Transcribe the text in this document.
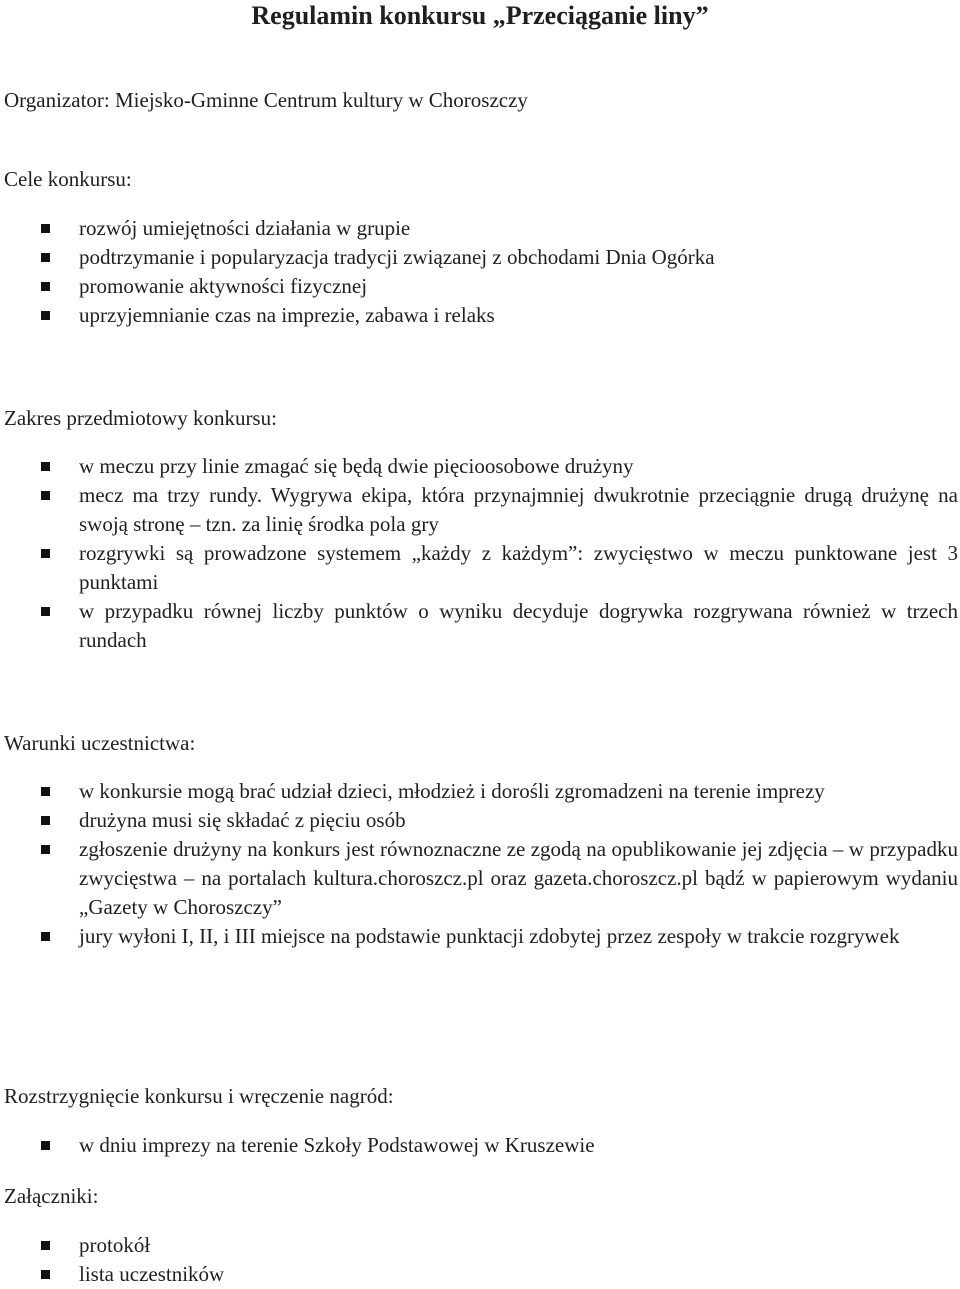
Regulamin konkursu „Przeciąganie liny”
Organizator: Miejsko-Gminne Centrum kultury w Choroszczy
Cele konkursu:
rozwój umiejętności działania w grupie
podtrzymanie i popularyzacja tradycji związanej z obchodami Dnia Ogórka
promowanie aktywności fizycznej
uprzyjemnianie czas na imprezie, zabawa i relaks
Zakres przedmiotowy konkursu:
w meczu przy linie zmagać się będą dwie pięcioosobowe drużyny
mecz ma trzy rundy. Wygrywa ekipa, która przynajmniej dwukrotnie przeciągnie drugą drużynę na swoją stronę – tzn. za linię środka pola gry
rozgrywki są prowadzone systemem „każdy z każdym”: zwycięstwo w meczu punktowane jest 3 punktami
w przypadku równej liczby punktów o wyniku decyduje dogrywka rozgrywana również w trzech rundach
Warunki uczestnictwa:
w konkursie mogą brać udział dzieci, młodzież i dorośli zgromadzeni na terenie imprezy
drużyna musi się składać z pięciu osób
zgłoszenie drużyny na konkurs jest równoznaczne ze zgodą na opublikowanie jej zdjęcia – w przypadku zwycięstwa – na portalach kultura.choroszcz.pl oraz gazeta.choroszcz.pl bądź w papierowym wydaniu „Gazety w Choroszczy”
jury wyłoni I, II, i III miejsce na podstawie punktacji zdobytej przez zespoły w trakcie rozgrywek
Rozstrzygnięcie konkursu i wręczenie nagród:
w dniu imprezy na terenie Szkoły Podstawowej w Kruszewie
Załączniki:
protokół
lista uczestników
